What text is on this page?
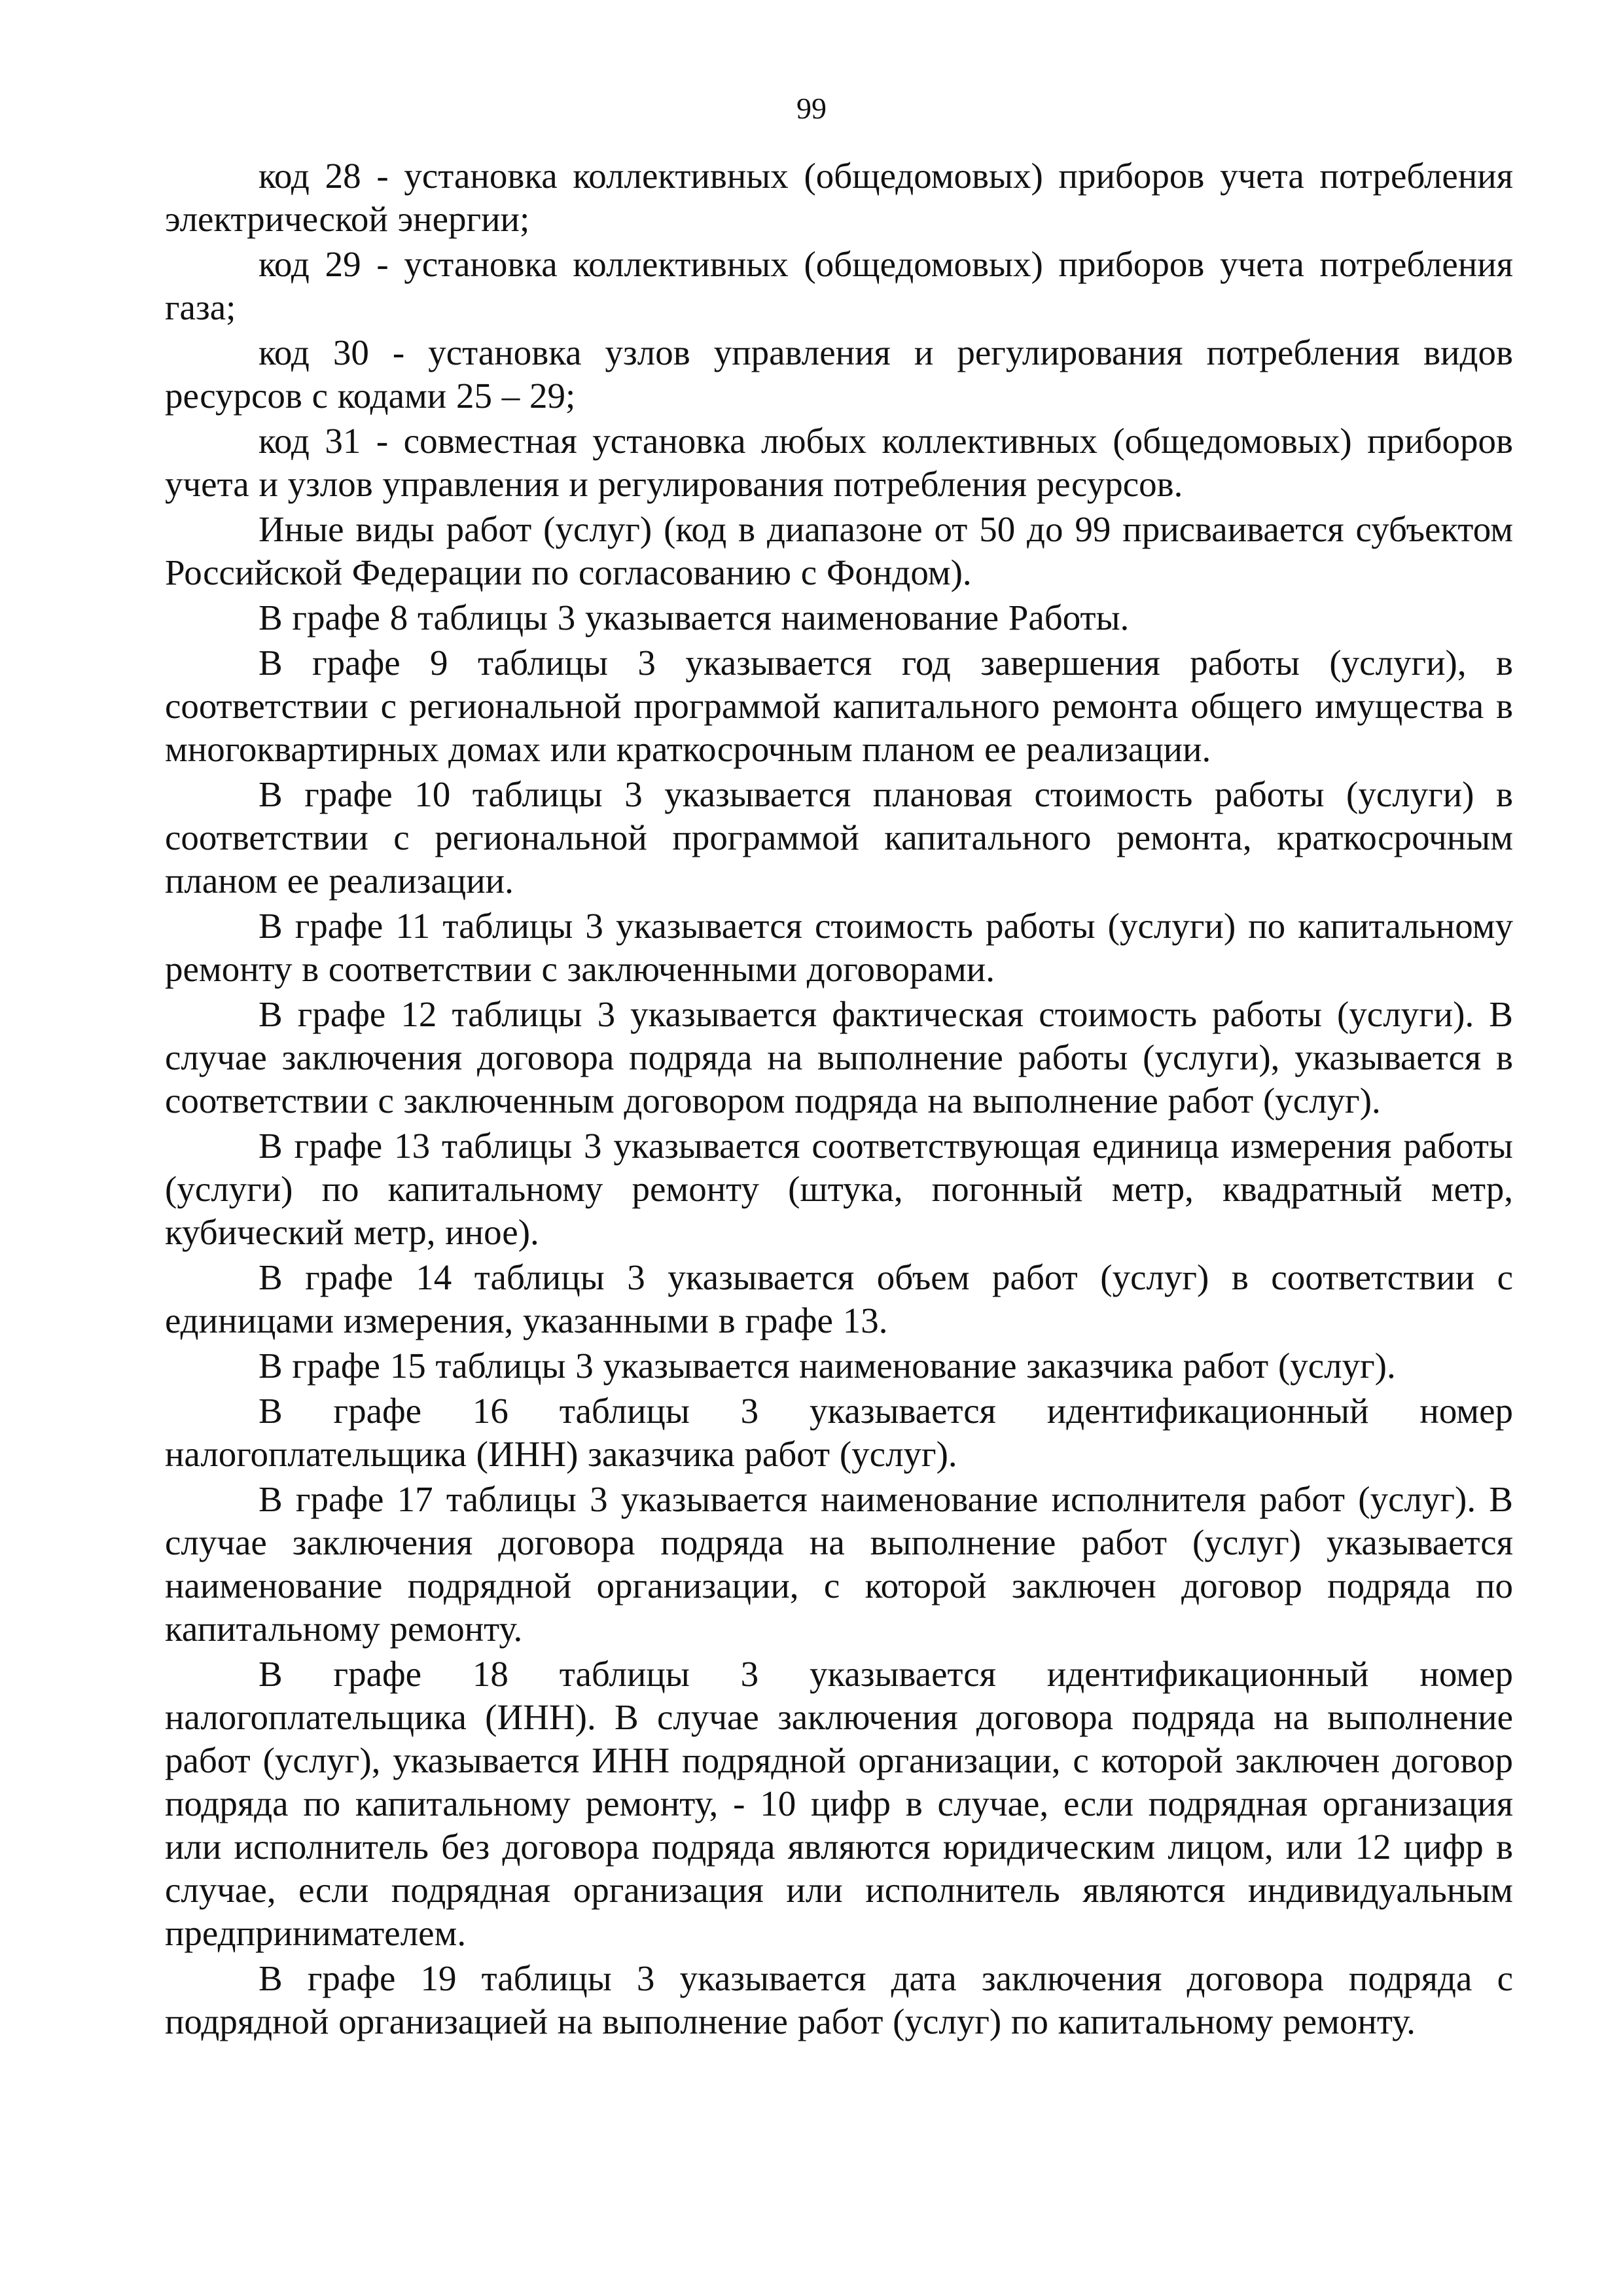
99

код 28 - установка коллективных (общедомовых) приборов учета потребления электрической энергии;

код 29 - установка коллективных (общедомовых) приборов учета потребления газа;

код 30 - установка узлов управления и регулирования потребления видов ресурсов с кодами 25 – 29;

код 31 - совместная установка любых коллективных (общедомовых) приборов учета и узлов управления и регулирования потребления ресурсов.

Иные виды работ (услуг) (код в диапазоне от 50 до 99 присваивается субъектом Российской Федерации по согласованию с Фондом).

В графе 8 таблицы 3 указывается наименование Работы.

В графе 9 таблицы 3 указывается год завершения работы (услуги), в соответствии с региональной программой капитального ремонта общего имущества в многоквартирных домах или краткосрочным планом ее реализации.

В графе 10 таблицы 3 указывается плановая стоимость работы (услуги) в соответствии с региональной программой капитального ремонта, краткосрочным планом ее реализации.

В графе 11 таблицы 3 указывается стоимость работы (услуги) по капитальному ремонту в соответствии с заключенными договорами.

В графе 12 таблицы 3 указывается фактическая стоимость работы (услуги). В случае заключения договора подряда на выполнение работы (услуги), указывается в соответствии с заключенным договором подряда на выполнение работ (услуг).

В графе 13 таблицы 3 указывается соответствующая единица измерения работы (услуги) по капитальному ремонту (штука, погонный метр, квадратный метр, кубический метр, иное).

В графе 14 таблицы 3 указывается объем работ (услуг) в соответствии с единицами измерения, указанными в графе 13.

В графе 15 таблицы 3 указывается наименование заказчика работ (услуг).

В графе 16 таблицы 3 указывается идентификационный номер налогоплательщика (ИНН) заказчика работ (услуг).

В графе 17 таблицы 3 указывается наименование исполнителя работ (услуг). В случае заключения договора подряда на выполнение работ (услуг) указывается наименование подрядной организации, с которой заключен договор подряда по капитальному ремонту.

В графе 18 таблицы 3 указывается идентификационный номер налогоплательщика (ИНН). В случае заключения договора подряда на выполнение работ (услуг), указывается ИНН подрядной организации, с которой заключен договор подряда по капитальному ремонту, - 10 цифр в случае, если подрядная организация или исполнитель без договора подряда являются юридическим лицом, или 12 цифр в случае, если подрядная организация или исполнитель являются индивидуальным предпринимателем.

В графе 19 таблицы 3 указывается дата заключения договора подряда с подрядной организацией на выполнение работ (услуг) по капитальному ремонту.
